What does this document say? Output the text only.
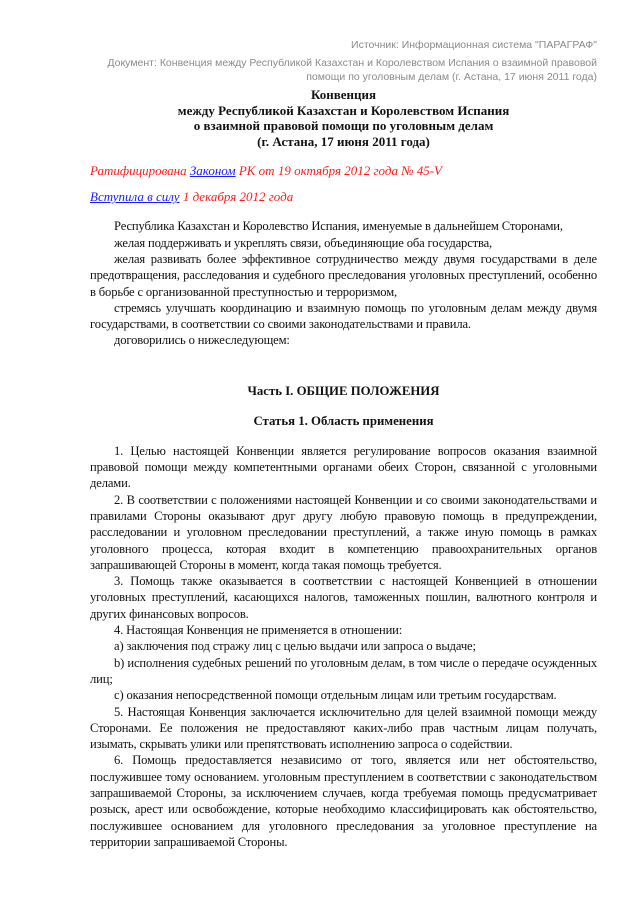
Источник: Информационная система "ПАРАГРАФ"
Документ: Конвенция между Республикой Казахстан и Королевством Испания о взаимной правовой помощи по уголовным делам (г. Астана, 17 июня 2011 года)
Конвенция
между Республикой Казахстан и Королевством Испания
о взаимной правовой помощи по уголовным делам
(г. Астана, 17 июня 2011 года)
Ратифицирована Законом РК от 19 октября 2012 года № 45-V
Вступила в силу 1 декабря 2012 года

Республика Казахстан и Королевство Испания, именуемые в дальнейшем Сторонами,

желая поддерживать и укреплять связи, объединяющие оба государства,

желая развивать более эффективное сотрудничество между двумя государствами в деле предотвращения, расследования и судебного преследования уголовных преступлений, особенно в борьбе с организованной преступностью и терроризмом,

стремясь улучшать координацию и взаимную помощь по уголовным делам между двумя государствами, в соответствии со своими законодательствами и правила.

договорились о нижеследующем:

Часть I. ОБЩИЕ ПОЛОЖЕНИЯ
Статья 1. Область применения

1. Целью настоящей Конвенции является регулирование вопросов оказания взаимной правовой помощи между компетентными органами обеих Сторон, связанной с уголовными делами.

2. В соответствии с положениями настоящей Конвенции и со своими законодательствами и правилами Стороны оказывают друг другу любую правовую помощь в предупреждении, расследовании и уголовном преследовании преступлений, а также иную помощь в рамках уголовного процесса, которая входит в компетенцию правоохранительных органов запрашивающей Стороны в момент, когда такая помощь требуется.

3. Помощь также оказывается в соответствии с настоящей Конвенцией в отношении уголовных преступлений, касающихся налогов, таможенных пошлин, валютного контроля и других финансовых вопросов.

4. Настоящая Конвенция не применяется в отношении:

a) заключения под стражу лиц с целью выдачи или запроса о выдаче;

b) исполнения судебных решений по уголовным делам, в том числе о передаче осужденных лиц;

c) оказания непосредственной помощи отдельным лицам или третьим государствам.

5. Настоящая Конвенция заключается исключительно для целей взаимной помощи между Сторонами. Ее положения не предоставляют каких-либо прав частным лицам получать, изымать, скрывать улики или препятствовать исполнению запроса о содействии.

6. Помощь предоставляется независимо от того, является или нет обстоятельство, послужившее тому основанием. уголовным преступлением в соответствии с законодательством запрашиваемой Стороны, за исключением случаев, когда требуемая помощь предусматривает розыск, арест или освобождение, которые необходимо классифицировать как обстоятельство, послужившее основанием для уголовного преследования за уголовное преступление на территории запрашиваемой Стороны.
